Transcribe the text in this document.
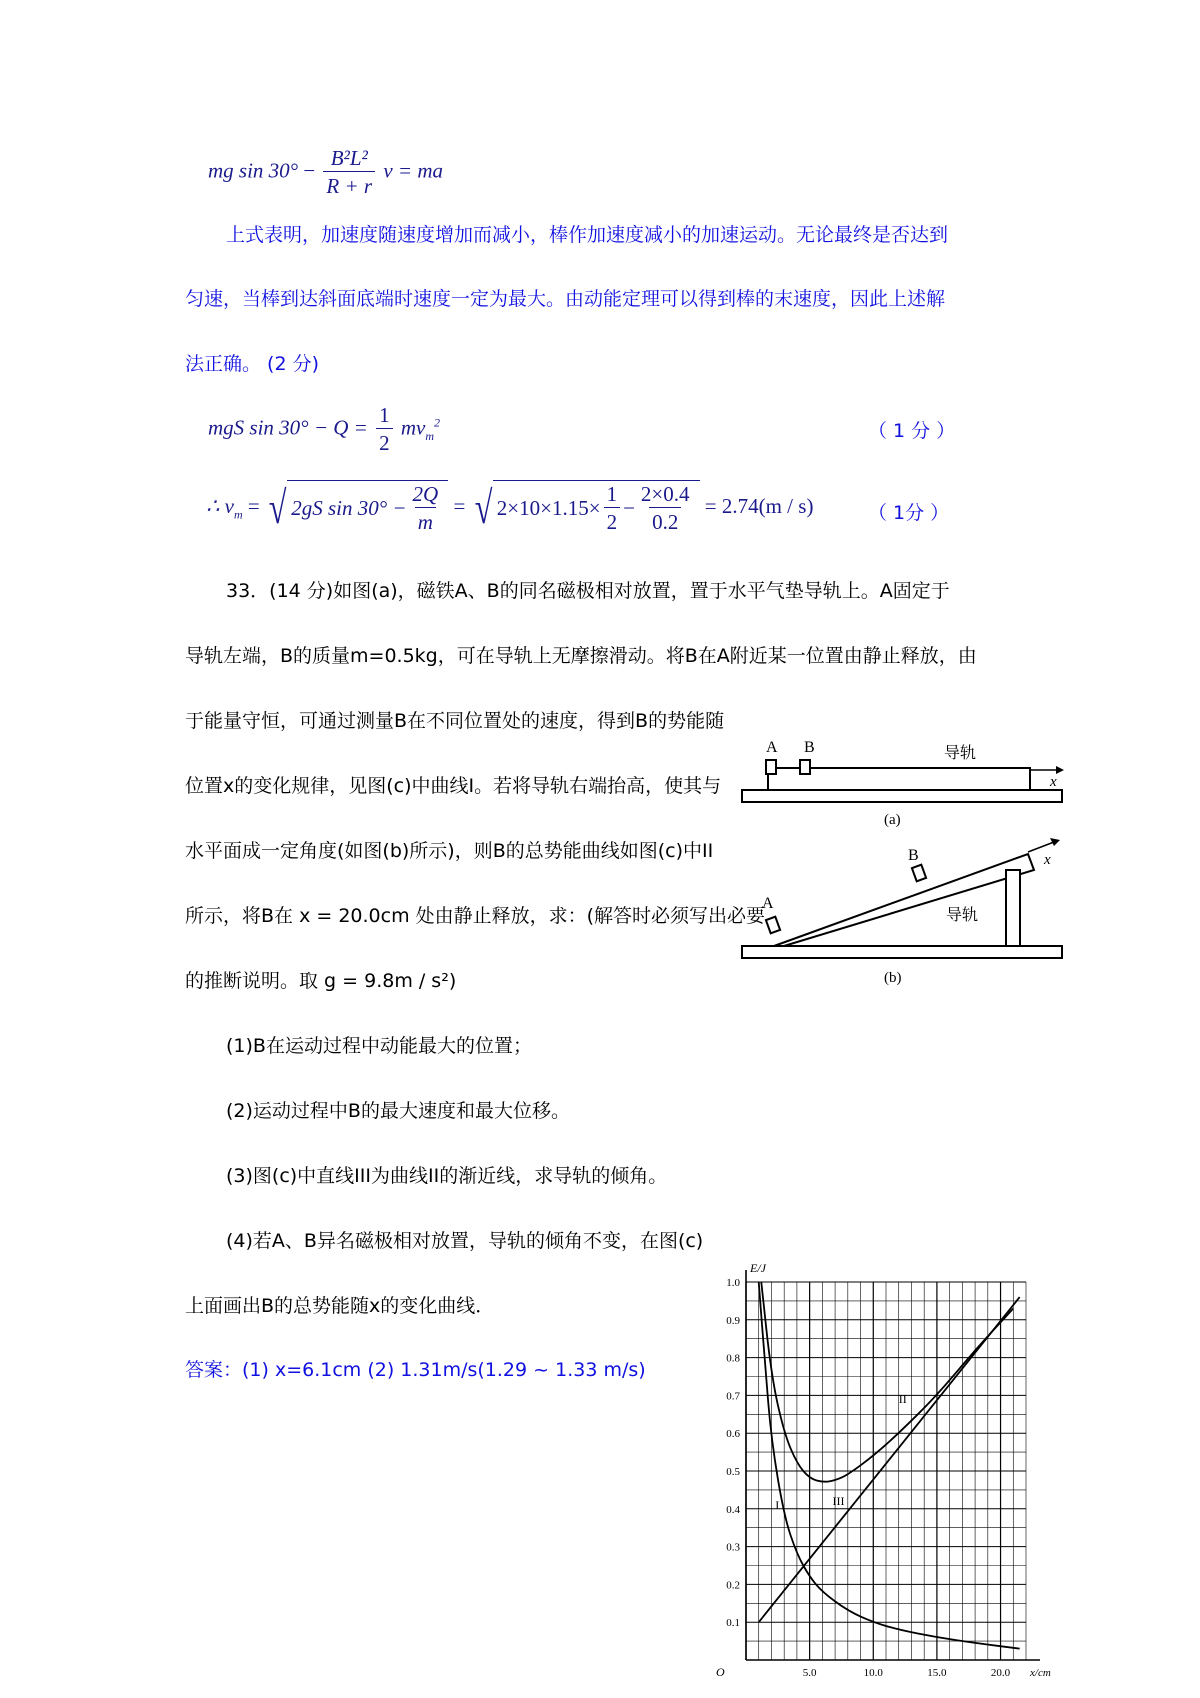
mg $\sin 30^\circ - \frac{\text{B²L²}}{R + r}$ v = ma
上式表明，加速度随速度增加而减小，棒作加速度减小的加速运动。无论最终是否达到
匀速，当棒到达斜面底端时速度一定为最大。由动能定理可以得到棒的末速度，因此上述解
法正确。 (2 分)
mgS $\sin 30^\circ - Q = \frac{1}{2} mv_m^2$	（ 1 分 ）
∴ $v_m$ = √ 2gS $\sin 30^\circ - \frac{2Q}{m}$ = √ $2\times 10\times 1.15\times \frac{1}{2} - \frac{2\times 0.4}{0.2} = 2.74(m / s)$	（ 1分 ）
33．(14 分)如图(a)，磁铁A、B的同名磁极相对放置，置于水平气垫导轨上。A固定于
导轨左端，B的质量m=0.5kg，可在导轨上无摩擦滑动。将B在A附近某一位置由静止释放，由
于能量守恒，可通过测量B在不同位置处的速度，得到B的势能随
位置x的变化规律，见图(c)中曲线I。若将导轨右端抬高，使其与
水平面成一定角度(如图(b)所示)，则B的总势能曲线如图(c)中II
所示，将B在 x = 20.0cm 处由静止释放，求：(解答时必须写出必要
的推断说明。取 g = 9.8m / s²)
(1)B在运动过程中动能最大的位置；
(2)运动过程中B的最大速度和最大位移。
(3)图(c)中直线III为曲线II的渐近线，求导轨的倾角。
(4)若A、B异名磁极相对放置，导轨的倾角不变，在图(c)
上面画出B的总势能随x的变化曲线．
答案：(1) x=6.1cm (2) 1.31m/s(1.29 ~ 1.33 m/s)
A B	导轨
x
(a)
A
B
导轨
x
(b)
0.1
0.2
0.3
0.4
0.5
0.6
0.7
0.8
0.9
1.0
5.0	10.0	15.0	20.0
O
E/J
x/cm
I
II
III
